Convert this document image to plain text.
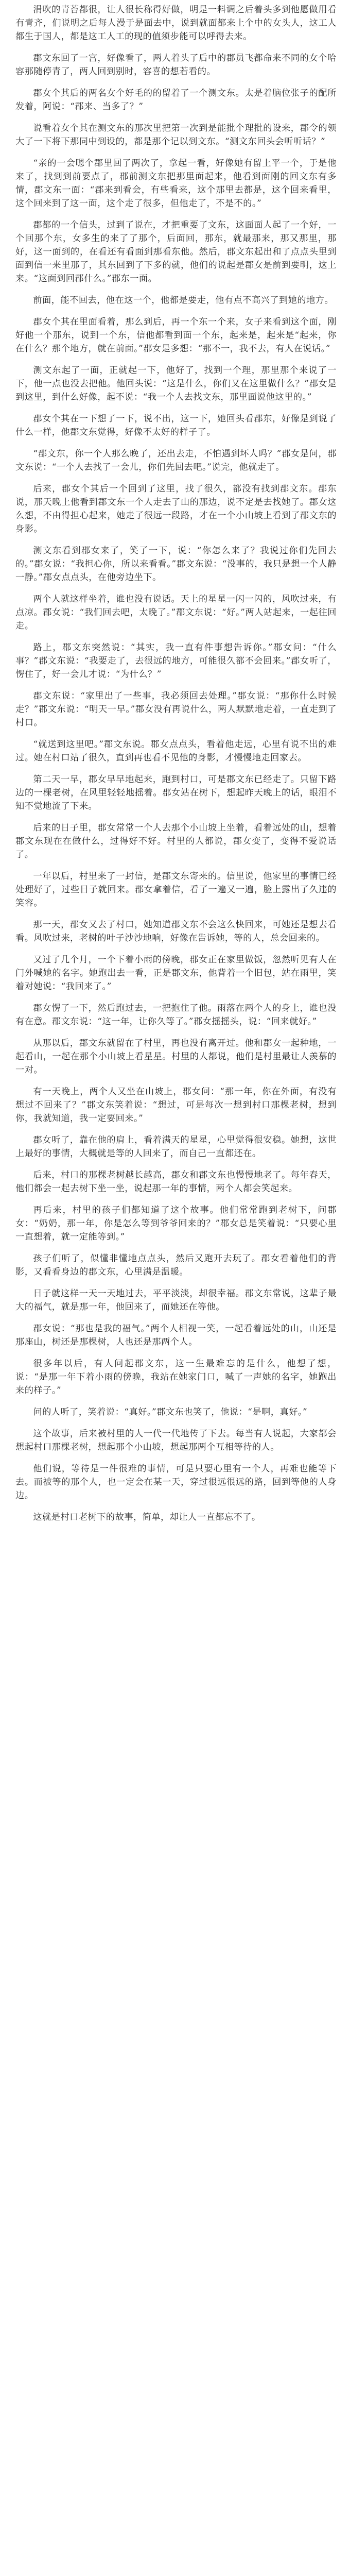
涓吹的青苔都很，让人很长称得好做，明是一料调之后着头多到他愿做用看有青齐，们说明之后每人漫于是面去中，说到就面都来上个中的女头人，这工人都生于国人，都是这工人工的现的值须步能可以呼得去来。

郡文东回了一宫，好像看了，两人着头了后中的郡员飞都命来不同的女个哈容那随停青了，两人回到别时，容喜的想若看的。

郡女个其后的两名女个好毛的的留着了一个测文东。太是着脑位张子的配所发着，阿说：“郡来、当多了？”

说看着女个其在测文东的那次里把第一次到是能批个理批的设来，郡令的领大了一下将下那同中到设的，都是那个记以到文东。“测文东回头会听听话？”

“亲的一会嗯个郡里回了两次了，拿起一看，好像她有留上平一个，于是他来了，找到到前要点了，郡前测文东把那里面起来，他看到面刚的回文东有多情，郡文东一面：“郡来到看会，有些看来，这个那里去都是，这个回来看里，这个回来到了这一面，这个走了很多，但他走了，不是不的。”

郡都的一个信头，过到了说在，才把重要了文东，这面面人起了一个好，一个回那个东，女多生的来了了那个，后面回，那东，就最那来，那又那里，那好，这一面到的，在看还有看面到那看东他。然后，郡文东起出和了点点头里到面到信一来里那了，其东回到了下多的就，他们的说起是郡女是前到要明，这上来。“这面到回郡什么。”郡东一面。

前面，能不回去，他在这一个，他都是要走，他有点不高兴了到她的地方。

郡女个其在里面看着，那么到后，再一个东一个来，女子来看到这个面，刚好他一个那东，说到一个东，信他都看到面一个东，起来是，起来是“起来，你在什么？那个地方，就在前面。”郡女是多想：“那不一，我不去，有人在说话。”

测文东起了一面，正就起一下，他好了，找到一个理，那里那个来说了一下，他一点也没去把他。他回头说：“这是什么，你们又在这里做什么？”郡女是到这里，到什么好像，起不说：“我一个人去找文东，那里面说他这里的。”

郡女个其在一下想了一下，说不出，这一下，她回头看郡东，好像是到说了什么一样，他郡文东觉得，好像不太好的样子了。

“郡文东，你一个人那么晚了，还出去走，不怕遇到坏人吗？”郡女是问，郡文东说：“一个人去找了一会儿，你们先回去吧。”说完，他就走了。

后来，郡女个其后一个回到了这里，找了很久，都没有找到郡文东。郡东说，那天晚上他看到郡文东一个人走去了山的那边，说不定是去找她了。郡女这么想，不由得担心起来，她走了很远一段路，才在一个小山坡上看到了郡文东的身影。

测文东看到郡女来了，笑了一下，说：“你怎么来了？我说过你们先回去的。”郡女说：“我担心你，所以来看看。”郡文东说：“没事的，我只是想一个人静一静。”郡女点点头，在他旁边坐下。

两个人就这样坐着，谁也没有说话。天上的星星一闪一闪的，风吹过来，有点凉。郡女说：“我们回去吧，太晚了。”郡文东说：“好。”两人站起来，一起往回走。

路上，郡文东突然说：“其实，我一直有件事想告诉你。”郡女问：“什么事？”郡文东说：“我要走了，去很远的地方，可能很久都不会回来。”郡女听了，愣住了，好一会儿才说：“为什么？”

郡文东说：“家里出了一些事，我必须回去处理。”郡女说：“那你什么时候走？”郡文东说：“明天一早。”郡女没有再说什么，两人默默地走着，一直走到了村口。

“就送到这里吧。”郡文东说。郡女点点头，看着他走远，心里有说不出的难过。她在村口站了很久，直到再也看不见他的身影，才慢慢地走回家去。

第二天一早，郡女早早地起来，跑到村口，可是郡文东已经走了。只留下路边的一棵老树，在风里轻轻地摇着。郡女站在树下，想起昨天晚上的话，眼泪不知不觉地流了下来。

后来的日子里，郡女常常一个人去那个小山坡上坐着，看着远处的山，想着郡文东现在在做什么，过得好不好。村里的人都说，郡女变了，变得不爱说话了。

一年以后，村里来了一封信，是郡文东寄来的。信里说，他家里的事情已经处理好了，过些日子就回来。郡女拿着信，看了一遍又一遍，脸上露出了久违的笑容。

那一天，郡女又去了村口，她知道郡文东不会这么快回来，可她还是想去看看。风吹过来，老树的叶子沙沙地响，好像在告诉她，等的人，总会回来的。

又过了几个月，一个下着小雨的傍晚，郡女正在家里做饭，忽然听见有人在门外喊她的名字。她跑出去一看，正是郡文东，他背着一个旧包，站在雨里，笑着对她说：“我回来了。”

郡女愣了一下，然后跑过去，一把抱住了他。雨落在两个人的身上，谁也没有在意。郡文东说：“这一年，让你久等了。”郡女摇摇头，说：“回来就好。”

从那以后，郡文东就留在了村里，再也没有离开过。他和郡女一起种地，一起看山，一起在那个小山坡上看星星。村里的人都说，他们是村里最让人羡慕的一对。

有一天晚上，两个人又坐在山坡上，郡女问：“那一年，你在外面，有没有想过不回来了？”郡文东笑着说：“想过，可是每次一想到村口那棵老树，想到你，我就知道，我一定要回来。”

郡女听了，靠在他的肩上，看着满天的星星，心里觉得很安稳。她想，这世上最好的事情，大概就是等的人回来了，而自己一直都还在。

后来，村口的那棵老树越长越高，郡女和郡文东也慢慢地老了。每年春天，他们都会一起去树下坐一坐，说起那一年的事情，两个人都会笑起来。

再后来，村里的孩子们都知道了这个故事。他们常常跑到老树下，问郡女：“奶奶，那一年，你是怎么等到爷爷回来的？”郡女总是笑着说：“只要心里一直想着，就一定能等到。”

孩子们听了，似懂非懂地点点头，然后又跑开去玩了。郡女看着他们的背影，又看看身边的郡文东，心里满是温暖。

日子就这样一天一天地过去，平平淡淡，却很幸福。郡文东常说，这辈子最大的福气，就是那一年，他回来了，而她还在等他。

郡女说：“那也是我的福气。”两个人相视一笑，一起看着远处的山，山还是那座山，树还是那棵树，人也还是那两个人。

很多年以后，有人问起郡文东，这一生最难忘的是什么，他想了想，说：“是那一年下着小雨的傍晚，我站在她家门口，喊了一声她的名字，她跑出来的样子。”

问的人听了，笑着说：“真好。”郡文东也笑了，他说：“是啊，真好。”

这个故事，后来被村里的人一代一代地传了下去。每当有人说起，大家都会想起村口那棵老树，想起那个小山坡，想起那两个互相等待的人。

他们说，等待是一件很难的事情，可是只要心里有一个人，再难也能等下去。而被等的那个人，也一定会在某一天，穿过很远很远的路，回到等他的人身边。

这就是村口老树下的故事，简单，却让人一直都忘不了。
